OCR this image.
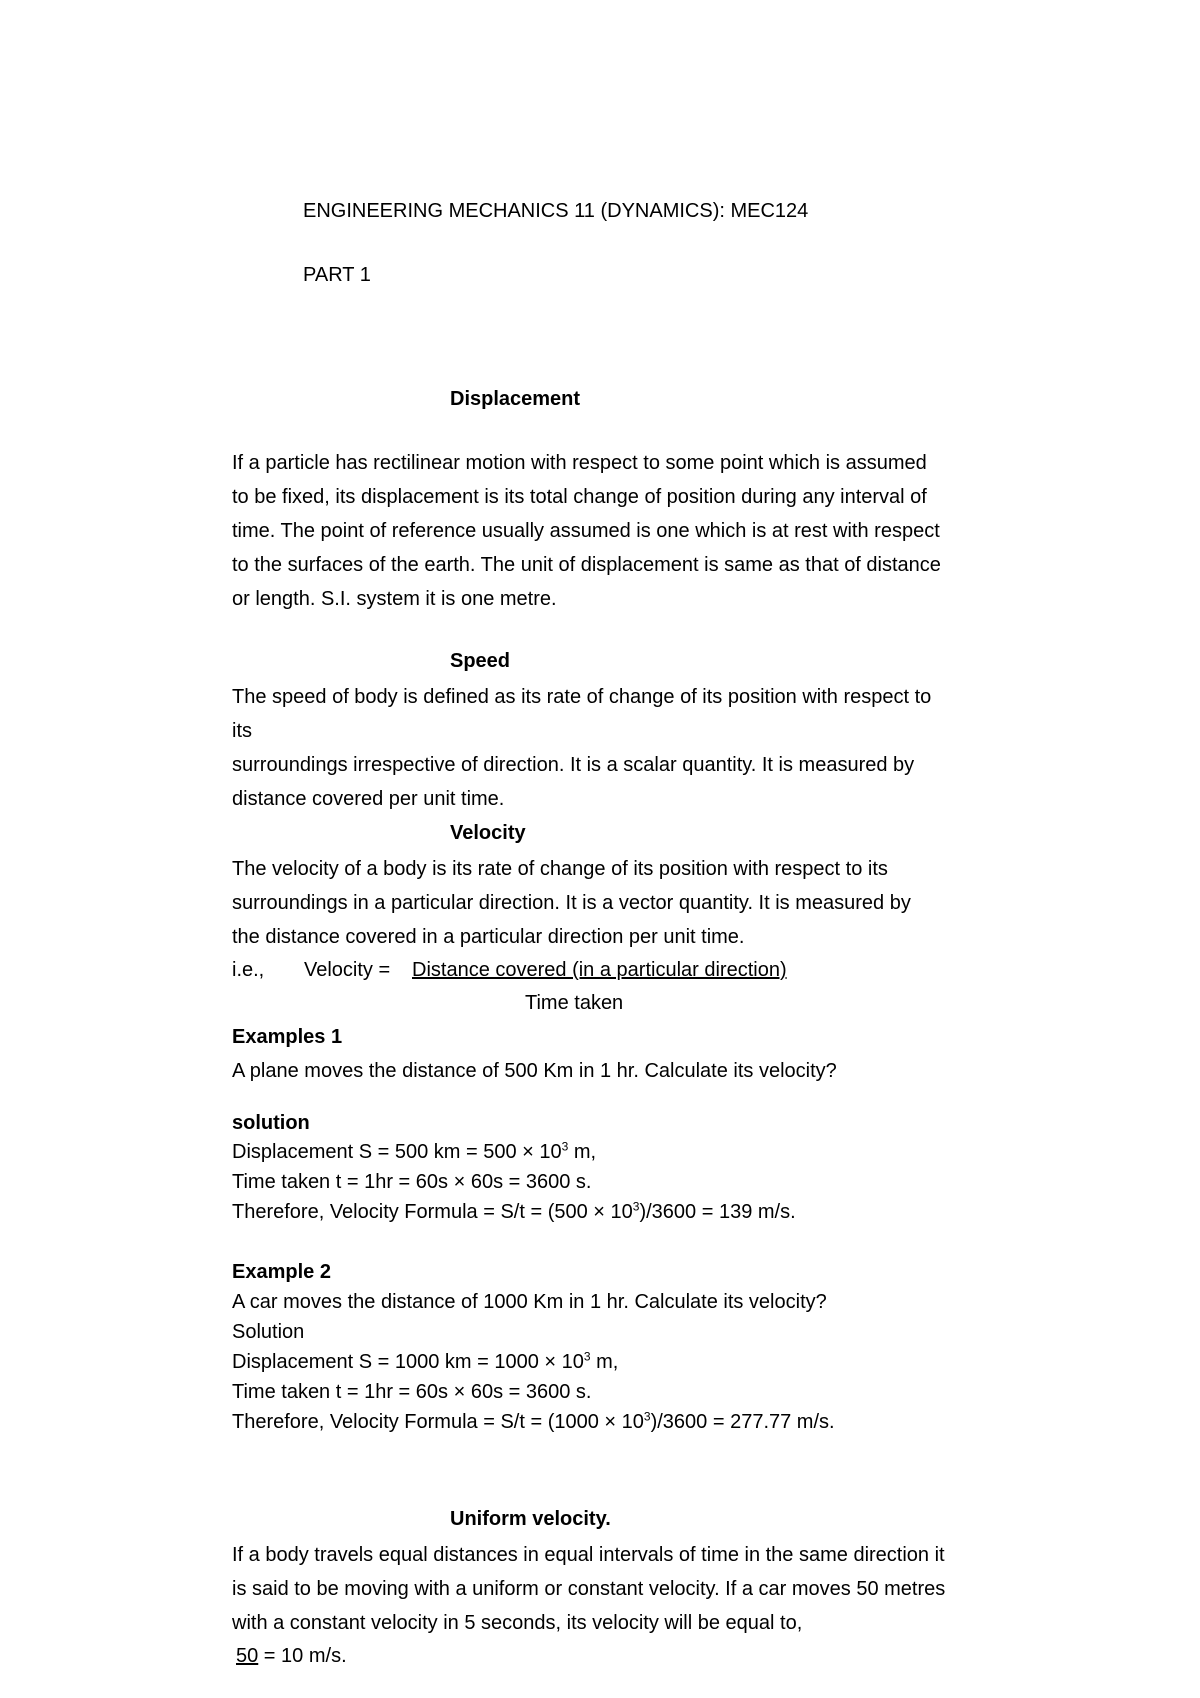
ENGINEERING MECHANICS 11 (DYNAMICS): MEC124
PART 1
Displacement
If a particle has rectilinear motion with respect to some point which is assumed
to be fixed, its displacement is its total change of position during any interval of
time. The point of reference usually assumed is one which is at rest with respect
to the surfaces of the earth. The unit of displacement is same as that of distance
or length. S.I. system it is one metre.
Speed
The speed of body is defined as its rate of change of its position with respect to
its
surroundings irrespective of direction. It is a scalar quantity. It is measured by
distance covered per unit time.
Velocity
The velocity of a body is its rate of change of its position with respect to its
surroundings in a particular direction. It is a vector quantity. It is measured by
the distance covered in a particular direction per unit time.
i.e., Velocity = Distance covered (in a particular direction)
Time taken
Examples 1
A plane moves the distance of 500 Km in 1 hr. Calculate its velocity?
solution
Displacement S = 500 km = $500 \times 10^3$ m,
Time taken t = 1hr = 60s × 60s = 3600 s.
Therefore, Velocity Formula = $S/t = (500 \times 10^3)/3600 = 139$ m/s.
Example 2
A car moves the distance of 1000 Km in 1 hr. Calculate its velocity?
Solution
Displacement S = 1000 km = $1000 \times 10^3$ m,
Time taken t = 1hr = 60s × 60s = 3600 s.
Therefore, Velocity Formula = $S/t = (1000 \times 10^3)/3600 = 277.77$ m/s.
Uniform velocity.
If a body travels equal distances in equal intervals of time in the same direction it
is said to be moving with a uniform or constant velocity. If a car moves 50 metres
with a constant velocity in 5 seconds, its velocity will be equal to,
50 = 10 m/s.
